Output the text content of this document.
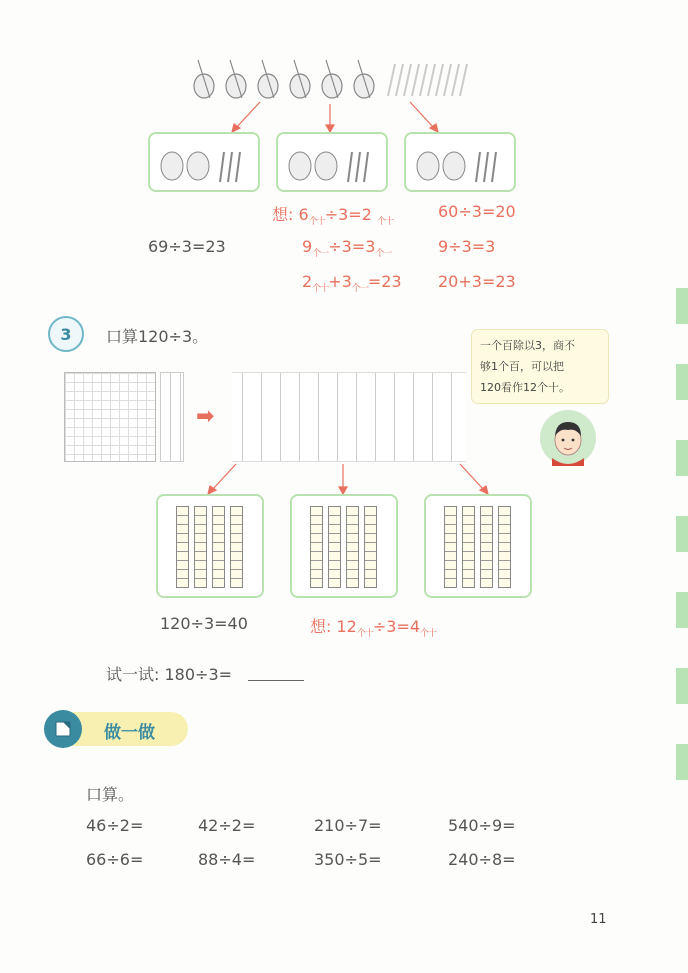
想: $6_{个十}\div 3=2$ $_{个十}$
60÷3=20
$9_{个一}\div 3=3_{个一}$	9÷3=3
$2_{个十}+3_{个一}=23$ 20+3=23
69÷3=23
3	口算120÷3。	一个百除以3，商不
够1个百，可以把
120看作12个十。
➡
120÷3=40	想: $12_{个十}\div 3=4_{个十}$
试一试: 180÷3=
做一做
口算。
46÷2=	42÷2=	210÷7=	540÷9=
66÷6=	88÷4=	350÷5=	240÷8=
11
